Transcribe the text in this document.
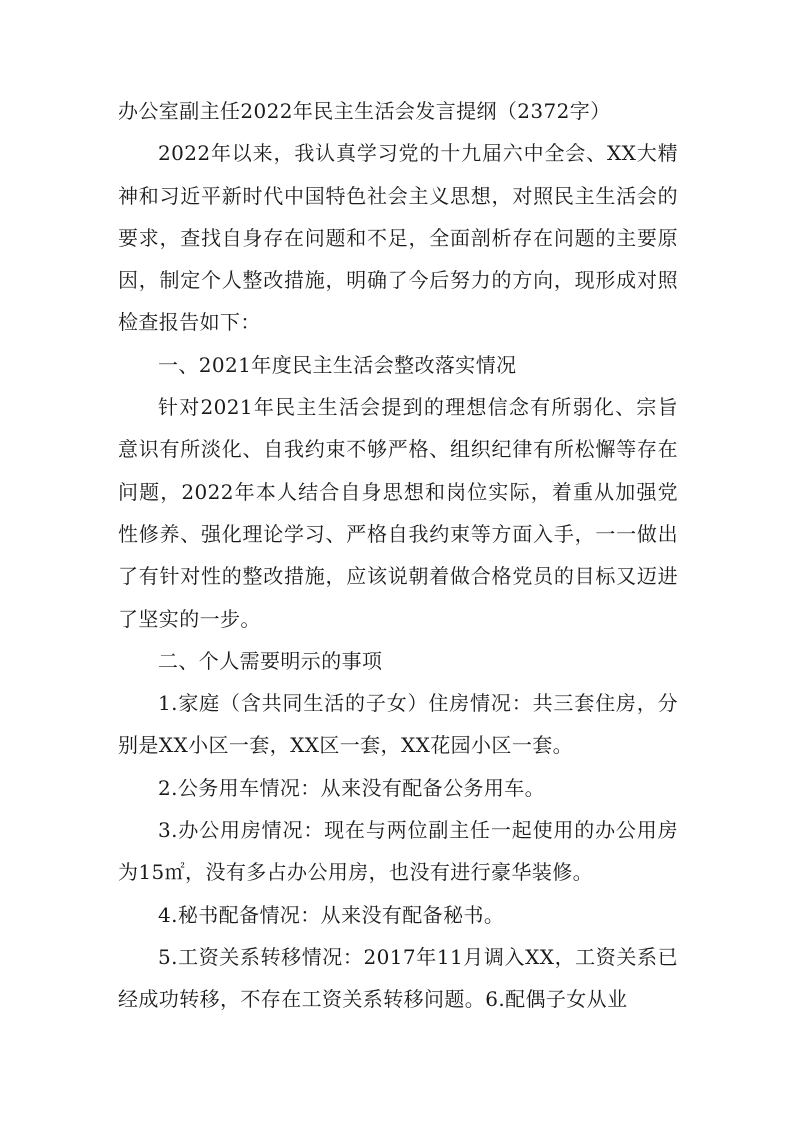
办公室副主任2022年民主生活会发言提纲（2372字）

2022年以来，我认真学习党的十九届六中全会、XX大精神和习近平新时代中国特色社会主义思想，对照民主生活会的要求，查找自身存在问题和不足，全面剖析存在问题的主要原因，制定个人整改措施，明确了今后努力的方向，现形成对照检查报告如下：

一、2021年度民主生活会整改落实情况

针对2021年民主生活会提到的理想信念有所弱化、宗旨意识有所淡化、自我约束不够严格、组织纪律有所松懈等存在问题，2022年本人结合自身思想和岗位实际，着重从加强党性修养、强化理论学习、严格自我约束等方面入手，一一做出了有针对性的整改措施，应该说朝着做合格党员的目标又迈进了坚实的一步。

二、个人需要明示的事项

1.家庭（含共同生活的子女）住房情况：共三套住房，分别是XX小区一套，XX区一套，XX花园小区一套。

2.公务用车情况：从来没有配备公务用车。

3.办公用房情况：现在与两位副主任一起使用的办公用房为15㎡，没有多占办公用房，也没有进行豪华装修。

4.秘书配备情况：从来没有配备秘书。

5.工资关系转移情况：2017年11月调入XX，工资关系已经成功转移，不存在工资关系转移问题。6.配偶子女从业
